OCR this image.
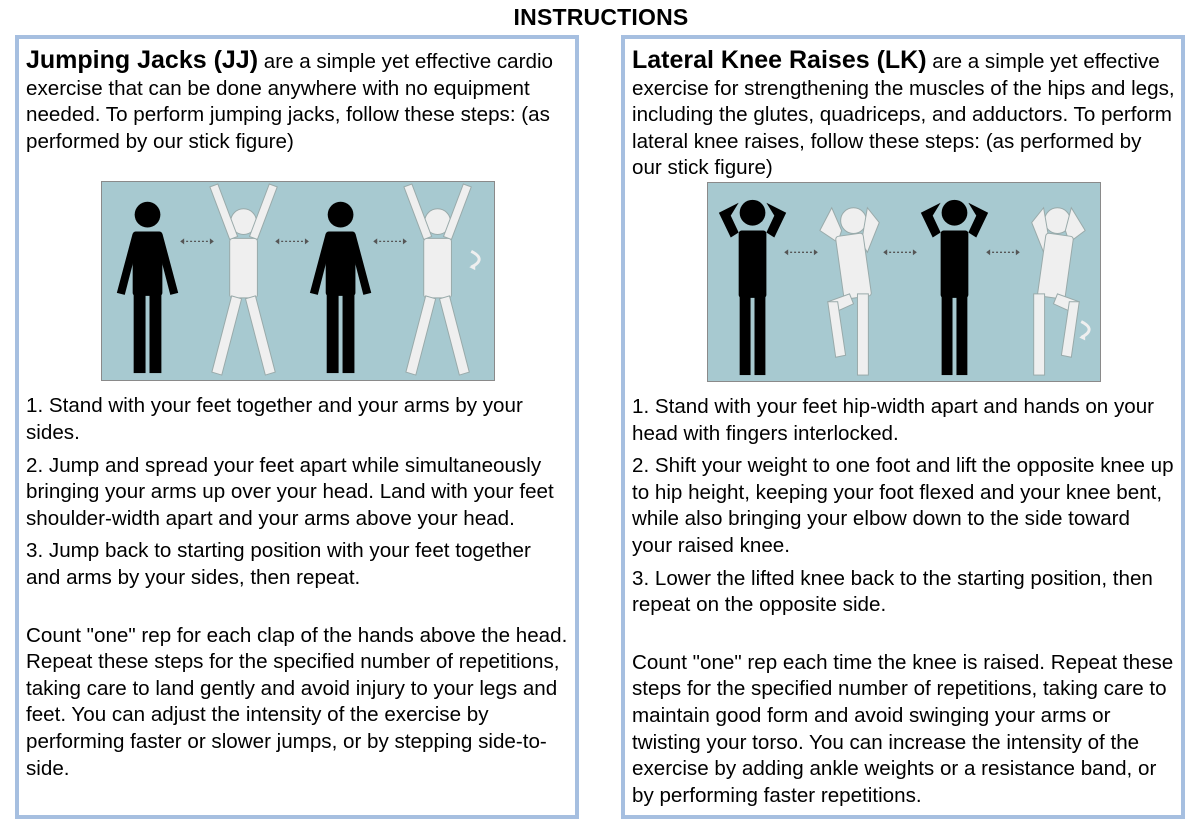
INSTRUCTIONS

Jumping Jacks (JJ) are a simple yet effective cardio exercise that can be done anywhere with no equipment needed. To perform jumping jacks, follow these steps: (as performed by our stick figure)

1. Stand with your feet together and your arms by your sides.

2. Jump and spread your feet apart while simultaneously bringing your arms up over your head. Land with your feet shoulder-width apart and your arms above your head.

3. Jump back to starting position with your feet together and arms by your sides, then repeat.

Count "one" rep for each clap of the hands above the head. Repeat these steps for the specified number of repetitions, taking care to land gently and avoid injury to your legs and feet. You can adjust the intensity of the exercise by performing faster or slower jumps, or by stepping side-to-side.

Lateral Knee Raises (LK) are a simple yet effective exercise for strengthening the muscles of the hips and legs, including the glutes, quadriceps, and adductors. To perform lateral knee raises, follow these steps: (as performed by our stick figure)

1. Stand with your feet hip-width apart and hands on your head with fingers interlocked.

2. Shift your weight to one foot and lift the opposite knee up to hip height, keeping your foot flexed and your knee bent, while also bringing your elbow down to the side toward your raised knee.

3. Lower the lifted knee back to the starting position, then repeat on the opposite side.

Count "one" rep each time the knee is raised. Repeat these steps for the specified number of repetitions, taking care to maintain good form and avoid swinging your arms or twisting your torso. You can increase the intensity of the exercise by adding ankle weights or a resistance band, or by performing faster repetitions.
